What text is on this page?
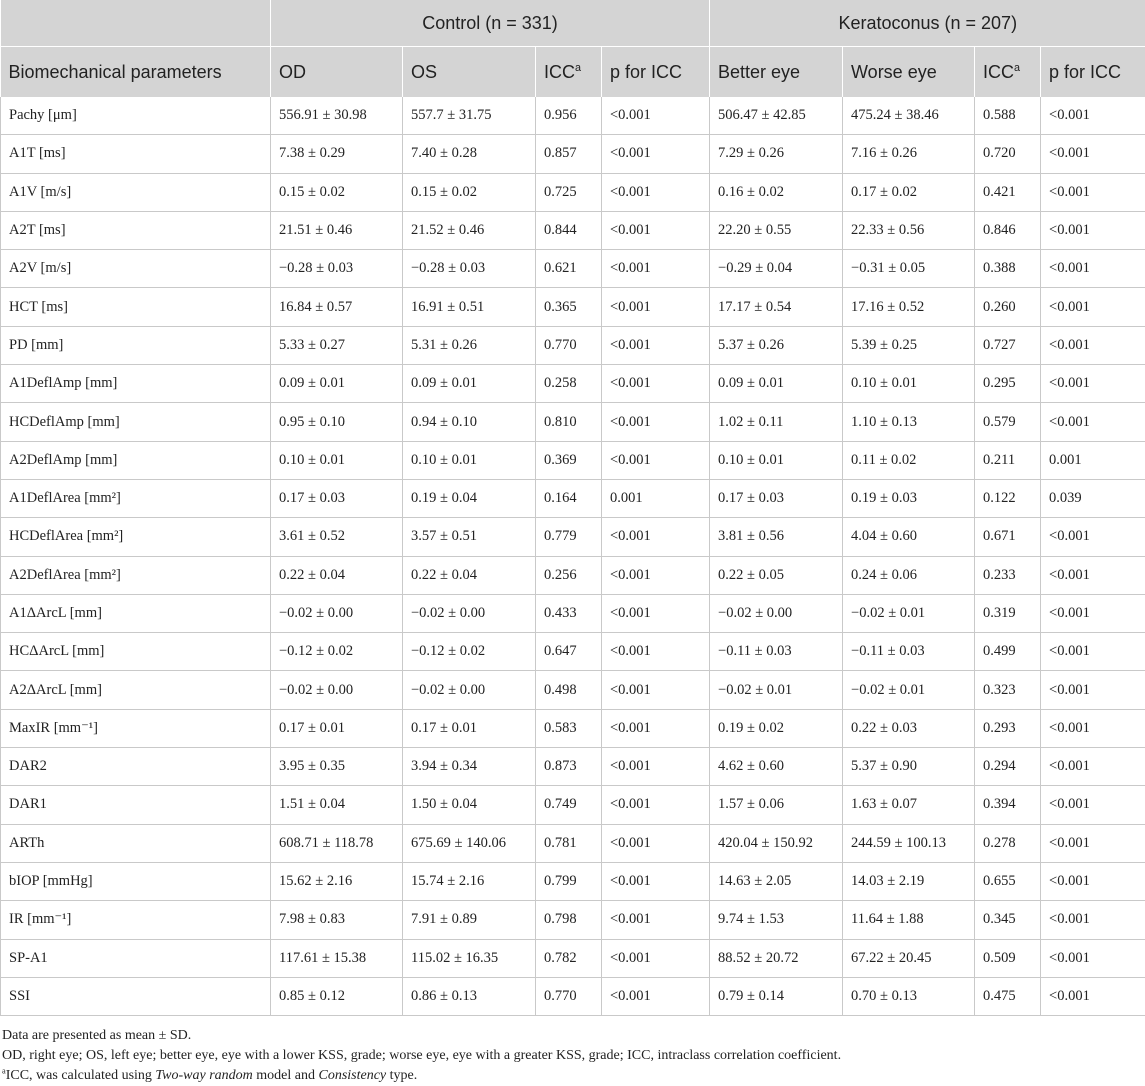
	Control (n = 331)				Keratoconus (n = 207)			
Biomechanical parameters	OD	OS	ICC$^a$	p for ICC	Better eye	Worse eye	ICC$^a$	p for ICC
Pachy [μm]	556.91 ± 30.98	557.7 ± 31.75	0.956	<0.001	506.47 ± 42.85	475.24 ± 38.46	0.588	<0.001
A1T [ms]	7.38 ± 0.29	7.40 ± 0.28	0.857	<0.001	7.29 ± 0.26	7.16 ± 0.26	0.720	<0.001
A1V [m/s]	0.15 ± 0.02	0.15 ± 0.02	0.725	<0.001	0.16 ± 0.02	0.17 ± 0.02	0.421	<0.001
A2T [ms]	21.51 ± 0.46	21.52 ± 0.46	0.844	<0.001	22.20 ± 0.55	22.33 ± 0.56	0.846	<0.001
A2V [m/s]	−0.28 ± 0.03	−0.28 ± 0.03	0.621	<0.001	−0.29 ± 0.04	−0.31 ± 0.05	0.388	<0.001
HCT [ms]	16.84 ± 0.57	16.91 ± 0.51	0.365	<0.001	17.17 ± 0.54	17.16 ± 0.52	0.260	<0.001
PD [mm]	5.33 ± 0.27	5.31 ± 0.26	0.770	<0.001	5.37 ± 0.26	5.39 ± 0.25	0.727	<0.001
A1DeflAmp [mm]	0.09 ± 0.01	0.09 ± 0.01	0.258	<0.001	0.09 ± 0.01	0.10 ± 0.01	0.295	<0.001
HCDeflAmp [mm]	0.95 ± 0.10	0.94 ± 0.10	0.810	<0.001	1.02 ± 0.11	1.10 ± 0.13	0.579	<0.001
A2DeflAmp [mm]	0.10 ± 0.01	0.10 ± 0.01	0.369	<0.001	0.10 ± 0.01	0.11 ± 0.02	0.211	0.001
A1DeflArea [mm²]	0.17 ± 0.03	0.19 ± 0.04	0.164	0.001	0.17 ± 0.03	0.19 ± 0.03	0.122	0.039
HCDeflArea [mm²]	3.61 ± 0.52	3.57 ± 0.51	0.779	<0.001	3.81 ± 0.56	4.04 ± 0.60	0.671	<0.001
A2DeflArea [mm²]	0.22 ± 0.04	0.22 ± 0.04	0.256	<0.001	0.22 ± 0.05	0.24 ± 0.06	0.233	<0.001
A1ΔArcL [mm]	−0.02 ± 0.00	−0.02 ± 0.00	0.433	<0.001	−0.02 ± 0.00	−0.02 ± 0.01	0.319	<0.001
HCΔArcL [mm]	−0.12 ± 0.02	−0.12 ± 0.02	0.647	<0.001	−0.11 ± 0.03	−0.11 ± 0.03	0.499	<0.001
A2ΔArcL [mm]	−0.02 ± 0.00	−0.02 ± 0.00	0.498	<0.001	−0.02 ± 0.01	−0.02 ± 0.01	0.323	<0.001
MaxIR [mm⁻¹]	0.17 ± 0.01	0.17 ± 0.01	0.583	<0.001	0.19 ± 0.02	0.22 ± 0.03	0.293	<0.001
DAR2	3.95 ± 0.35	3.94 ± 0.34	0.873	<0.001	4.62 ± 0.60	5.37 ± 0.90	0.294	<0.001
DAR1	1.51 ± 0.04	1.50 ± 0.04	0.749	<0.001	1.57 ± 0.06	1.63 ± 0.07	0.394	<0.001
ARTh	608.71 ± 118.78	675.69 ± 140.06	0.781	<0.001	420.04 ± 150.92	244.59 ± 100.13	0.278	<0.001
bIOP [mmHg]	15.62 ± 2.16	15.74 ± 2.16	0.799	<0.001	14.63 ± 2.05	14.03 ± 2.19	0.655	<0.001
IR [mm⁻¹]	7.98 ± 0.83	7.91 ± 0.89	0.798	<0.001	9.74 ± 1.53	11.64 ± 1.88	0.345	<0.001
SP-A1	117.61 ± 15.38	115.02 ± 16.35	0.782	<0.001	88.52 ± 20.72	67.22 ± 20.45	0.509	<0.001
SSI	0.85 ± 0.12	0.86 ± 0.13	0.770	<0.001	0.79 ± 0.14	0.70 ± 0.13	0.475	<0.001
Data are presented as mean ± SD.
OD, right eye; OS, left eye; better eye, eye with a lower KSS, grade; worse eye, eye with a greater KSS, grade; ICC, intraclass correlation coefficient.
$^a$ICC, was calculated using Two-way random model and Consistency type.
